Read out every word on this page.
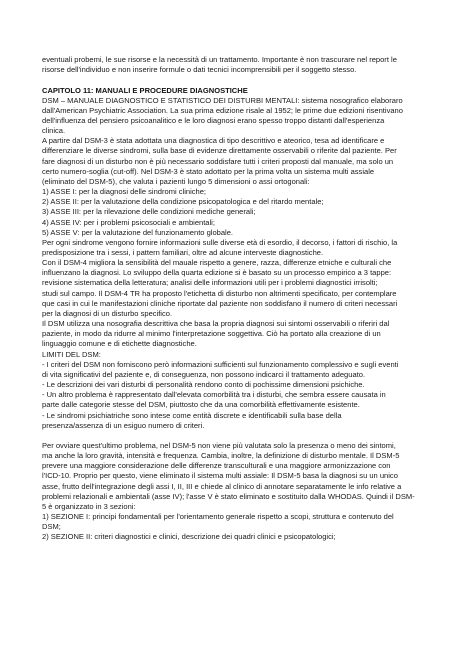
eventuali probemi, le sue risorse e la necessità di un trattamento. Importante è non trascurare nel report le
risorse dell'individuo e non inserire formule o dati tecnici incomprensibili per il soggetto stesso.

CAPITOLO 11: MANUALI E PROCEDURE DIAGNOSTICHE

DSM – MANUALE DIAGNOSTICO E STATISTICO DEI DISTURBI MENTALI: sistema nosografico elaboraro
dall'American Psychiatric Association. La sua prima edizione risale al 1952; le prime due edizioni risentivano
dell'influenza del pensiero psicoanalitico e le loro diagnosi erano spesso troppo distanti dall'esperienza
clinica.
A partire dal DSM-3 è stata adottata una diagnostica di tipo descrittivo e ateorico, tesa ad identificare e
differenziare le diverse sindromi, sulla base di evidenze direttamente osservabili o riferite dal paziente. Per
fare diagnosi di un disturbo non è più necessario soddisfare tutti i criteri proposti dal manuale, ma solo un
certo numero-soglia (cut-off). Nel DSM-3 è stato adottato per la prima volta un sistema multi assiale
(eliminato del DSM-5), che valuta i pazienti lungo 5 dimensioni o assi ortogonali:
1) ASSE I: per la diagnosi delle sindromi cliniche;
2) ASSE II: per la valutazione della condizione psicopatologica e del ritardo mentale;
3) ASSE III: per la rilevazione delle condizioni mediche generali;
4) ASSE IV: per i problemi psicosociali e ambientali;
5) ASSE V: per la valutazione del funzionamento globale.
Per ogni sindrome vengono fornire informazioni sulle diverse età di esordio, il decorso, i fattori di rischio, la
predisposizione tra i sessi, i pattern familiari, oltre ad alcune interveste diagnostiche.
Con il DSM-4 migliora la sensibilità del mauale rispetto a genere, razza, differenze etniche e culturali che
influenzano la diagnosi. Lo sviluppo della quarta edizione si è basato su un processo empirico a 3 tappe:
revisione sistematica della letteratura; analisi delle informazioni utili per i problemi diagnostici irrisolti;
studi sul campo. Il DSM-4 TR ha proposto l'etichetta di disturbo non altrimenti specificato, per contemplare
que casi in cui le manifestazioni cliniche riportate dal paziente non soddisfano il numero di criteri necessari
per la diagnosi di un disturbo specifico.
Il DSM utilizza una nosografia descrittiva che basa la propria diagnosi sui sintomi osservabili o riferiri dal
paziente, in modo da ridurre al minimo l'interpretazione soggettiva. Ciò ha portato alla creazione di un
linguaggio comune e di etichette diagnostiche.
LIMITI DEL DSM:
- I criteri del DSM non forniscono però informazioni sufficienti sul funzionamento complessivo e sugli eventi
di vita significativi del paziente e, di conseguenza, non possono indicarci il trattamento adeguato.
- Le descrizioni dei vari disturbi di personalità rendono conto di pochissime dimensioni psichiche.
- Un altro problema è rappresentato dall'elevata comorbilità tra i disturbi, che sembra essere causata in
parte dalle categorie stesse del DSM, piuttosto che da una comorbilità effettivamente esistente.
- Le sindromi psichiatriche sono intese come entità discrete e identificabili sulla base della
presenza/assenza di un esiguo numero di criteri.

Per ovviare quest'ultimo problema, nel DSM-5 non viene più valutata solo la presenza o meno dei sintomi,
ma anche la loro gravità, intensità e frequenza. Cambia, inoltre, la definizione di disturbo mentale. Il DSM-5
prevere una maggiore considerazione delle differenze transculturali e una maggiore armonizzazione con
l'ICD-10. Proprio per questo, viene eliminato il sistema multi assiale: Il DSM-5 basa la diagnosi su un unico
asse, frutto dell'integrazione degli assi I, II, III e chiede al clinico di annotare separatamente le info relative a
problemi relazionali e ambientali (asse IV); l'asse V è stato eliminato e sostituito dalla WHODAS. Quindi il DSM-
5 è organizzato in 3 sezioni:
1) SEZIONE I: principi fondamentali per l'orientamento generale rispetto a scopi, struttura e contenuto del
DSM;
2) SEZIONE II: criteri diagnostici e clinici, descrizione dei quadri clinici e psicopatologici;
